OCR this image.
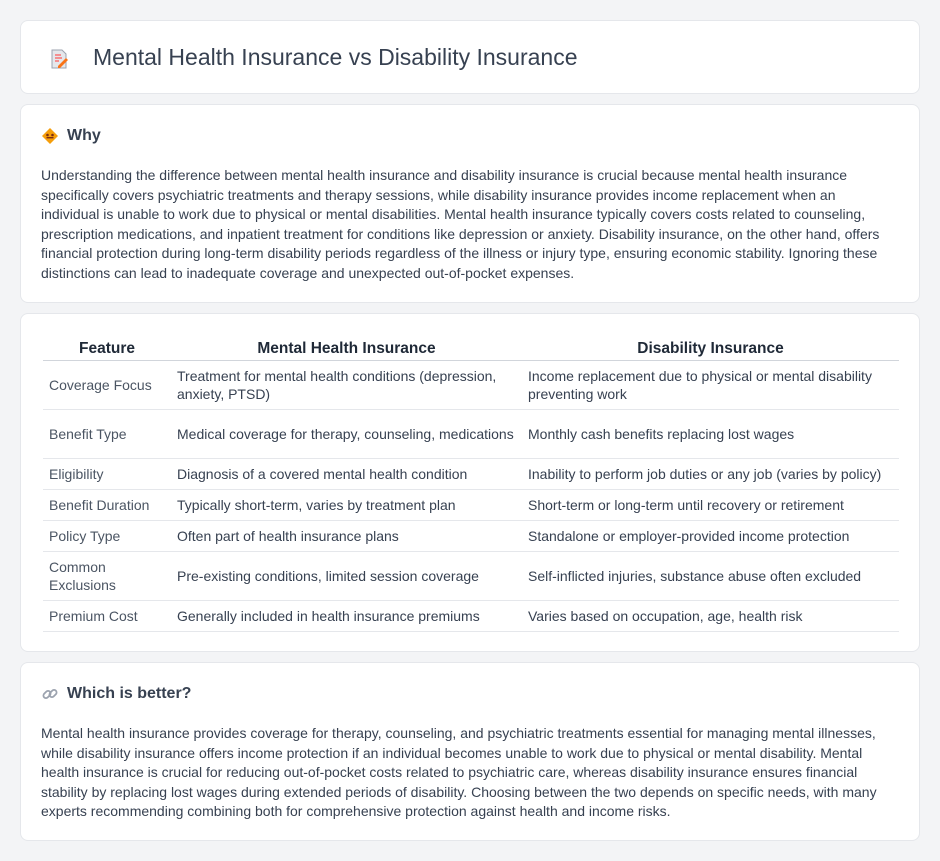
Mental Health Insurance vs Disability Insurance
Why

Understanding the difference between mental health insurance and disability insurance is crucial because mental health insurance specifically covers psychiatric treatments and therapy sessions, while disability insurance provides income replacement when an individual is unable to work due to physical or mental disabilities. Mental health insurance typically covers costs related to counseling, prescription medications, and inpatient treatment for conditions like depression or anxiety. Disability insurance, on the other hand, offers financial protection during long-term disability periods regardless of the illness or injury type, ensuring economic stability. Ignoring these distinctions can lead to inadequate coverage and unexpected out-of-pocket expenses.

Feature	Mental Health Insurance	Disability Insurance
Coverage Focus	Treatment for mental health conditions (depression, anxiety, PTSD)	Income replacement due to physical or mental disability preventing work
Benefit Type	Medical coverage for therapy, counseling, medications	Monthly cash benefits replacing lost wages
Eligibility	Diagnosis of a covered mental health condition	Inability to perform job duties or any job (varies by policy)
Benefit Duration	Typically short-term, varies by treatment plan	Short-term or long-term until recovery or retirement
Policy Type	Often part of health insurance plans	Standalone or employer-provided income protection
Common Exclusions	Pre-existing conditions, limited session coverage	Self-inflicted injuries, substance abuse often excluded
Premium Cost	Generally included in health insurance premiums	Varies based on occupation, age, health risk
Which is better?

Mental health insurance provides coverage for therapy, counseling, and psychiatric treatments essential for managing mental illnesses, while disability insurance offers income protection if an individual becomes unable to work due to physical or mental disability. Mental health insurance is crucial for reducing out-of-pocket costs related to psychiatric care, whereas disability insurance ensures financial stability by replacing lost wages during extended periods of disability. Choosing between the two depends on specific needs, with many experts recommending combining both for comprehensive protection against health and income risks.
